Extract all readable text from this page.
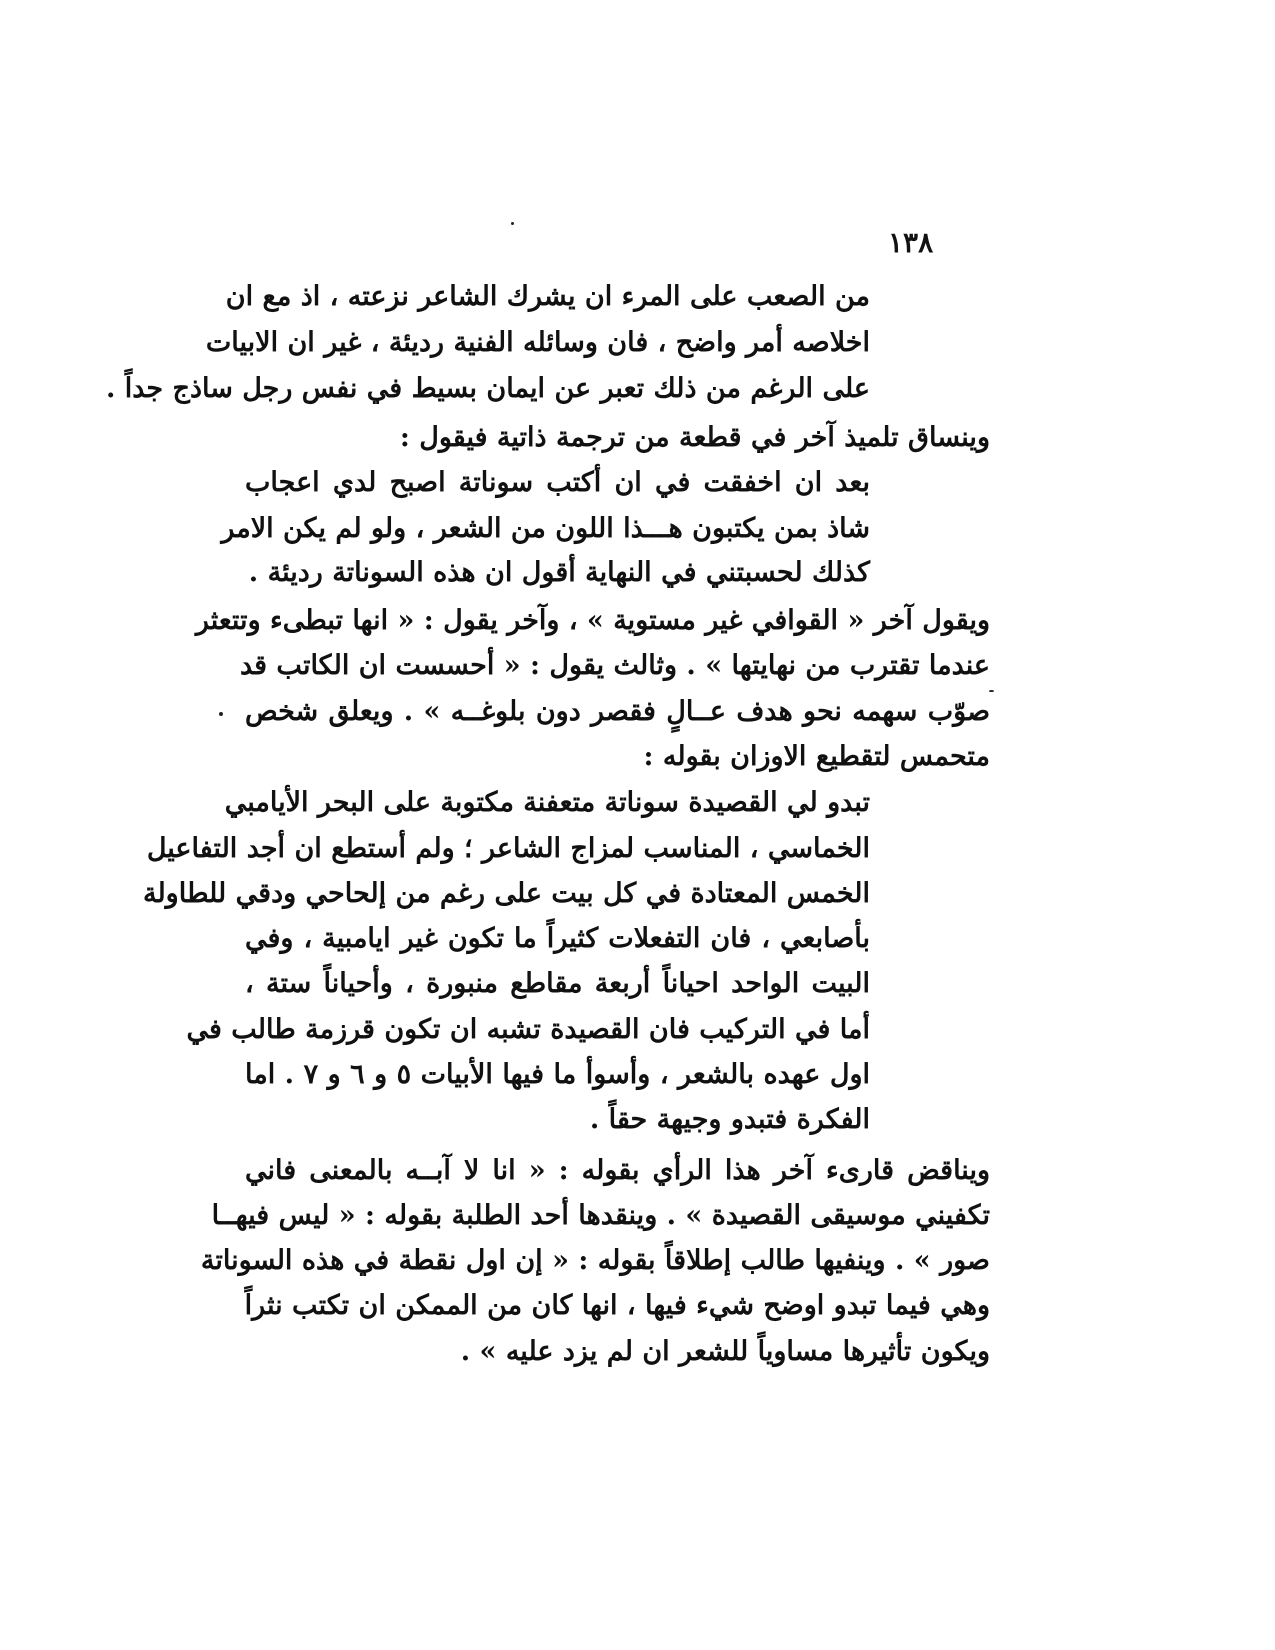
١٣٨
من الصعب على المرء ان يشرك الشاعر نزعته ، اذ مع ان
اخلاصه أمر واضح ، فان وسائله الفنية رديئة ، غير ان الابيات
على الرغم من ذلك تعبر عن ايمان بسيط في نفس رجل ساذج جداً .
وينساق تلميذ آخر في قطعة من ترجمة ذاتية فيقول :
بعد ان اخفقت في ان أكتب سوناتة اصبح لدي اعجاب
شاذ بمن يكتبون هـــذا اللون من الشعر ، ولو لم يكن الامر
كذلك لحسبتني في النهاية أقول ان هذه السوناتة رديئة .
ويقول آخر « القوافي غير مستوية » ، وآخر يقول : « انها تبطىء وتتعثر
عندما تقترب من نهايتها » . وثالث يقول : « أحسست ان الكاتب قد
صوّب سهمه نحو هدف عــالٍ فقصر دون بلوغــه » . ويعلق شخص
متحمس لتقطيع الاوزان بقوله :
تبدو لي القصيدة سوناتة متعفنة مكتوبة على البحر الأيامبي
الخماسي ، المناسب لمزاج الشاعر ؛ ولم أستطع ان أجد التفاعيل
الخمس المعتادة في كل بيت على رغم من إلحاحي ودقي للطاولة
بأصابعي ، فان التفعلات كثيراً ما تكون غير ايامبية ، وفي
البيت الواحد احياناً أربعة مقاطع منبورة ، وأحياناً ستة ،
أما في التركيب فان القصيدة تشبه ان تكون قرزمة طالب في
اول عهده بالشعر ، وأسوأ ما فيها الأبيات ٥ و ٦ و ٧ . اما
الفكرة فتبدو وجيهة حقاً .
ويناقض قارىء آخر هذا الرأي بقوله : « انا لا آبــه بالمعنى فاني
تكفيني موسيقى القصيدة » . وينقدها أحد الطلبة بقوله : « ليس فيهــا
صور » . وينفيها طالب إطلاقاً بقوله : « إن اول نقطة في هذه السوناتة
وهي فيما تبدو اوضح شيء فيها ، انها كان من الممكن ان تكتب نثراً
ويكون تأثيرها مساوياً للشعر ان لم يزد عليه » .
